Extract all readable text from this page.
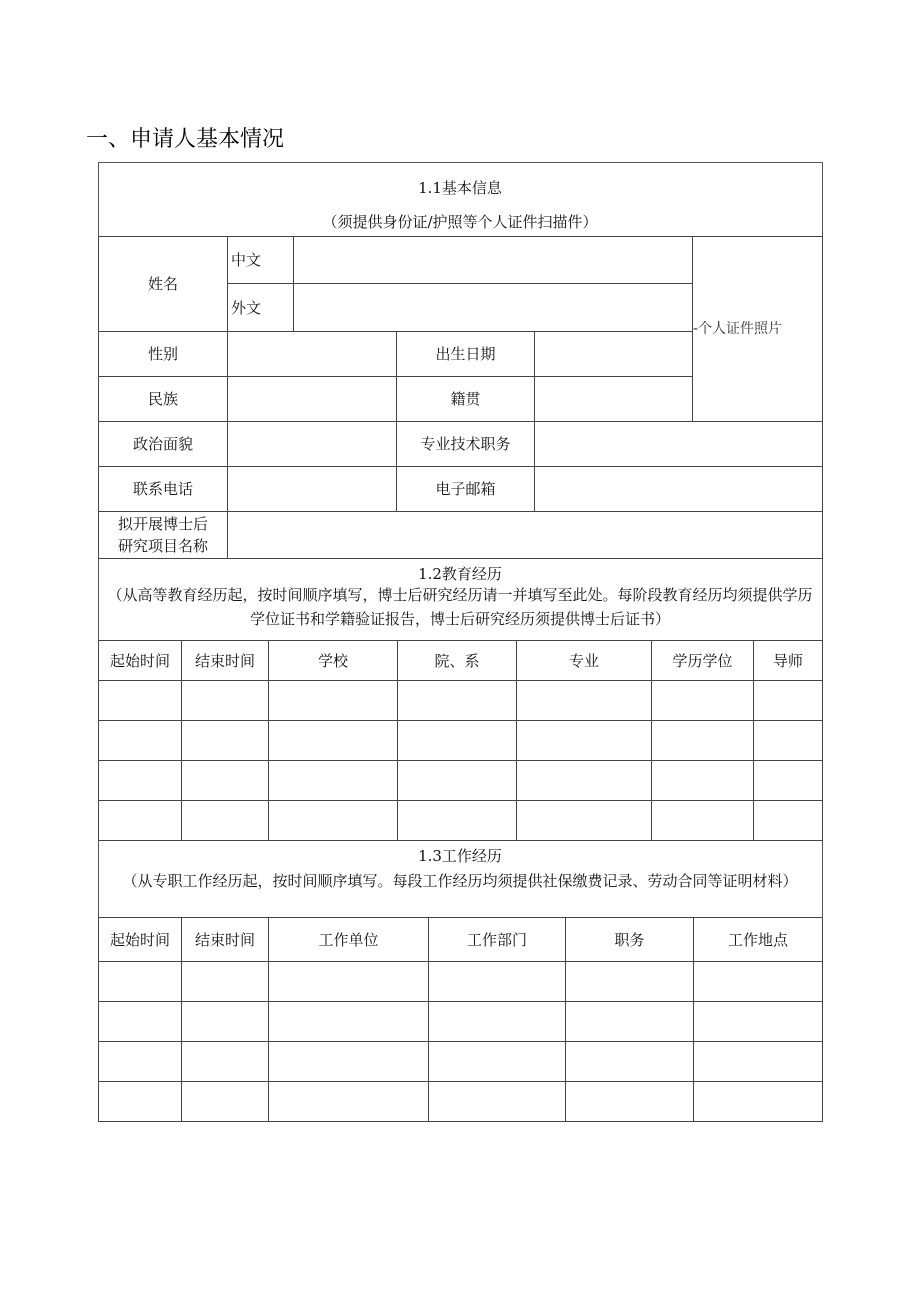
一、申请人基本情况
1.1基本信息
（须提供身份证/护照等个人证件扫描件）
姓名
中文
外文
- 个人证件照片
性别	出生日期
民族	籍贯
政治面貌	专业技术职务
联系电话	电子邮箱
拟开展博士后
研究项目名称
1.2教育经历
（从高等教育经历起，按时间顺序填写，博士后研究经历请一并填写至此处。每阶段教育经历均须提供学历学位证书和学籍验证报告，博士后研究经历须提供博士后证书）
起始时间	结束时间	学校	院、系	专业	学历学位	导师
1.3工作经历
（从专职工作经历起，按时间顺序填写。每段工作经历均须提供社保缴费记录、劳动合同等证明材料）
起始时间	结束时间	工作单位	工作部门	职务	工作地点
